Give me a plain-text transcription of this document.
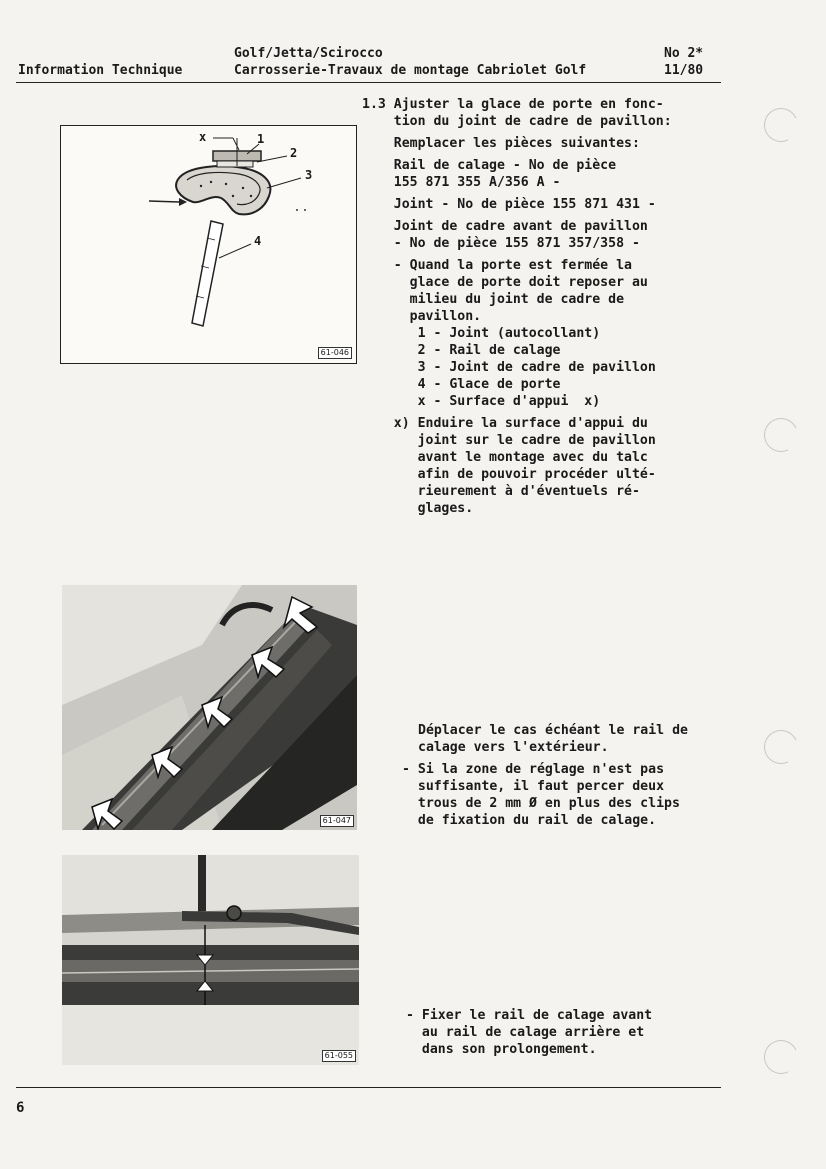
Information Technique
Golf/Jetta/Scirocco
Carrosserie-Travaux de montage Cabriolet Golf
No 2*
11/80
x	1
2
3
4
61-046
61-047
61-055
1.3 Ajuster la glace de porte en fonc-
tion du joint de cadre de pavillon:
Remplacer les pièces suivantes:
Rail de calage - No de pièce
155 871 355 A/356 A -
Joint - No de pièce 155 871 431 -
Joint de cadre avant de pavillon
- No de pièce 155 871 357/358 -
- Quand la porte est fermée la
glace de porte doit reposer au
milieu du joint de cadre de
pavillon.
1 - Joint (autocollant)
2 - Rail de calage
3 - Joint de cadre de pavillon
4 - Glace de porte
x - Surface d'appui  x)
x) Enduire la surface d'appui du
joint sur le cadre de pavillon
avant le montage avec du talc
afin de pouvoir procéder ulté-
rieurement à d'éventuels ré-
glages.
Déplacer le cas échéant le rail de
calage vers l'extérieur.
- Si la zone de réglage n'est pas
suffisante, il faut percer deux
trous de 2 mm Ø en plus des clips
de fixation du rail de calage.
- Fixer le rail de calage avant
au rail de calage arrière et
dans son prolongement.
6
